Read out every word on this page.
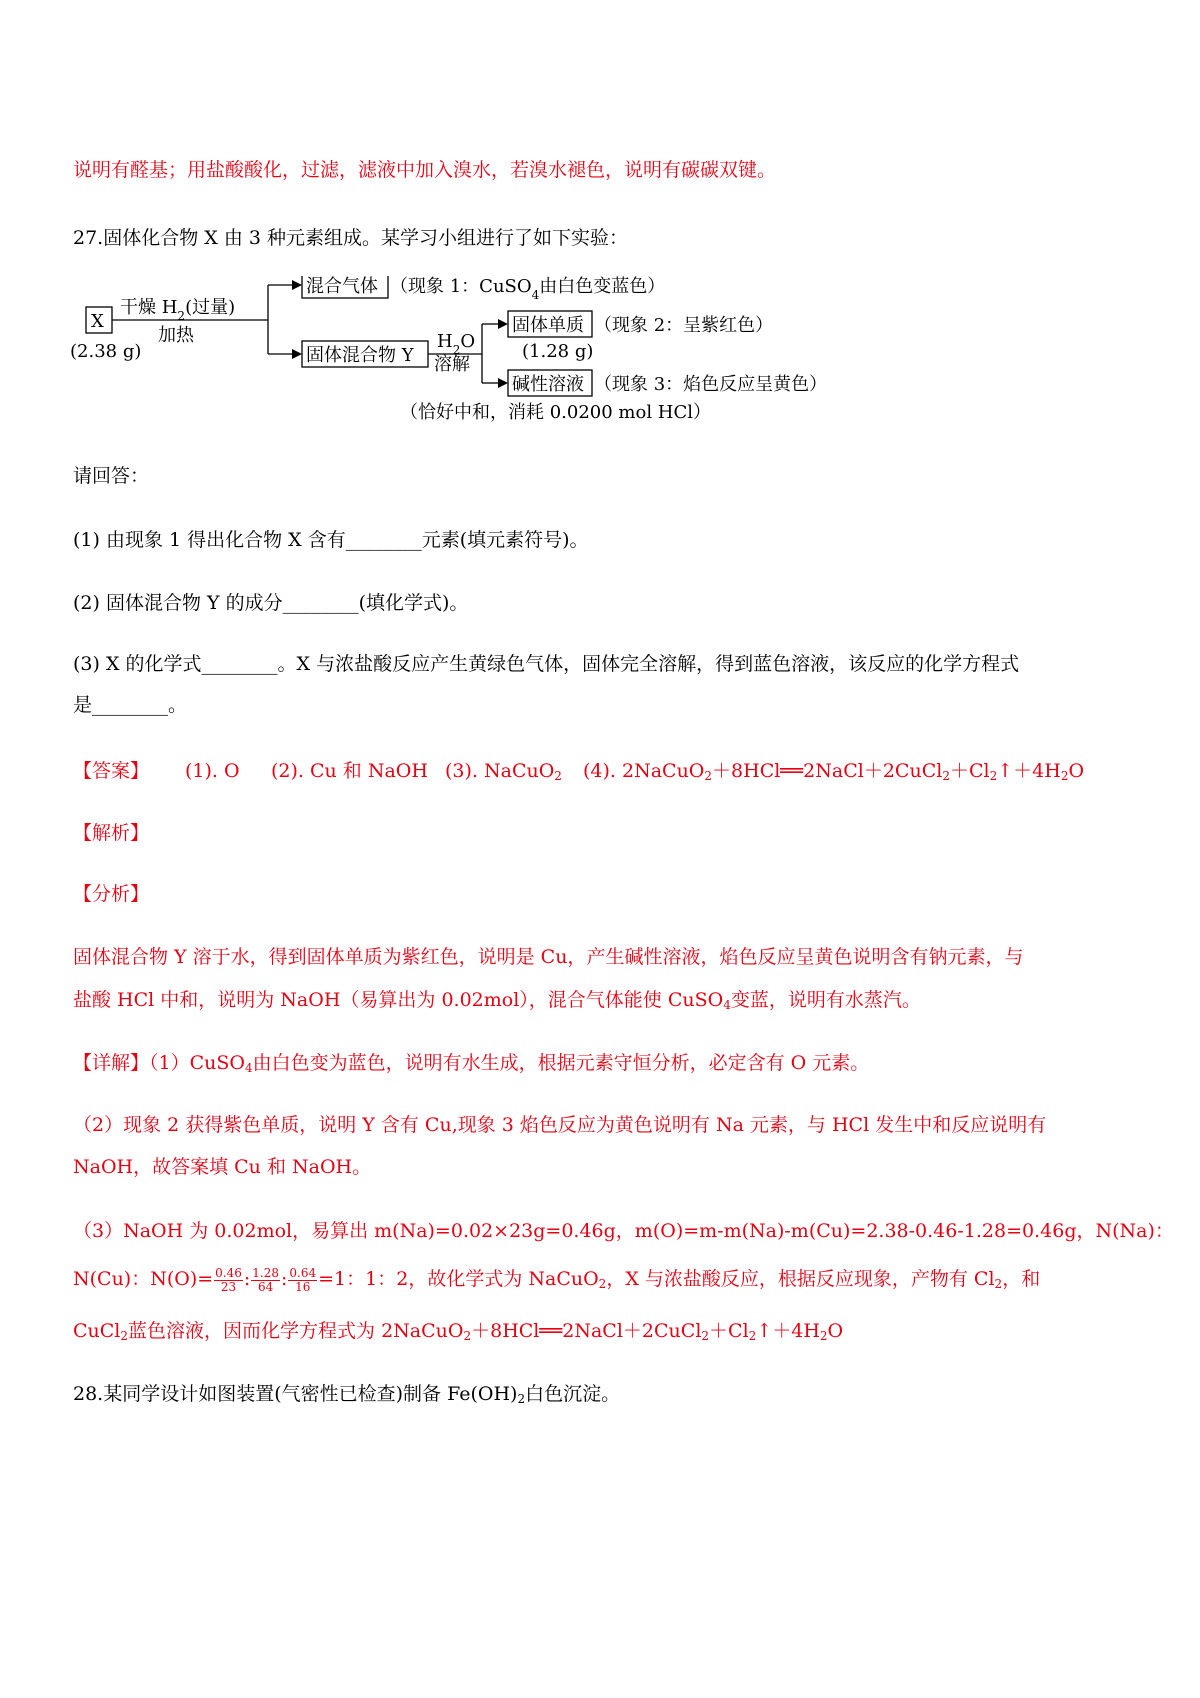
说明有醛基；用盐酸酸化，过滤，滤液中加入溴水，若溴水褪色，说明有碳碳双键。
27.固体化合物 X 由 3 种元素组成。某学习小组进行了如下实验：
X
(2.38 g)
干燥 $H_2$(过量)
加热
混合气体 （现象 1：CuSO$_4$由白色变蓝色）
固体混合物 Y
$H_2O$
溶解
固体单质 （现象 2：呈紫红色）
(1.28 g)
碱性溶液 （现象 3：焰色反应呈黄色）
（恰好中和，消耗 0.0200 mol HCl）
请回答：
(1) 由现象 1 得出化合物 X 含有________元素(填元素符号)。
(2) 固体混合物 Y 的成分________(填化学式)。
(3) X 的化学式________。X 与浓盐酸反应产生黄绿色气体，固体完全溶解，得到蓝色溶液，该反应的化学方程式
是________。
【答案】 (1). O (2). Cu 和 NaOH (3). NaCuO$_2$ (4). $2NaCuO_2+8HCl══2NaCl+2CuCl_2+Cl_2↑+4H_2O$
【解析】
【分析】
固体混合物 Y 溶于水，得到固体单质为紫红色，说明是 Cu，产生碱性溶液，焰色反应呈黄色说明含有钠元素，与
盐酸 HCl 中和，说明为 NaOH（易算出为 0.02mol），混合气体能使 CuSO$_4$变蓝，说明有水蒸汽。
【详解】（1）CuSO$_4$由白色变为蓝色，说明有水生成，根据元素守恒分析，必定含有 O 元素。
（2）现象 2 获得紫色单质，说明 Y 含有 Cu,现象 3 焰色反应为黄色说明有 Na 元素，与 HCl 发生中和反应说明有
NaOH，故答案填 Cu 和 NaOH。
（3）NaOH 为 0.02mol，易算出 m(Na)=0.02×23g=0.46g，m(O)=m-m(Na)-m(Cu)=2.38-0.46-1.28=0.46g，N(Na)：
N(Cu)：$N(O)= \frac{0.46}{23}$ : $\frac{1.28}{64}$ : $\frac{0.64}{16} =1$：1：2，故化学式为 NaCuO$_2$，X 与浓盐酸反应，根据反应现象，产物有 $Cl_2$，和
CuCl$_2$蓝色溶液，因而化学方程式为 $2NaCuO_2+8HCl══2NaCl+2CuCl_2+Cl_2↑+4H_2O$
28.某同学设计如图装置(气密性已检查)制备 $Fe(OH)_2$白色沉淀。
